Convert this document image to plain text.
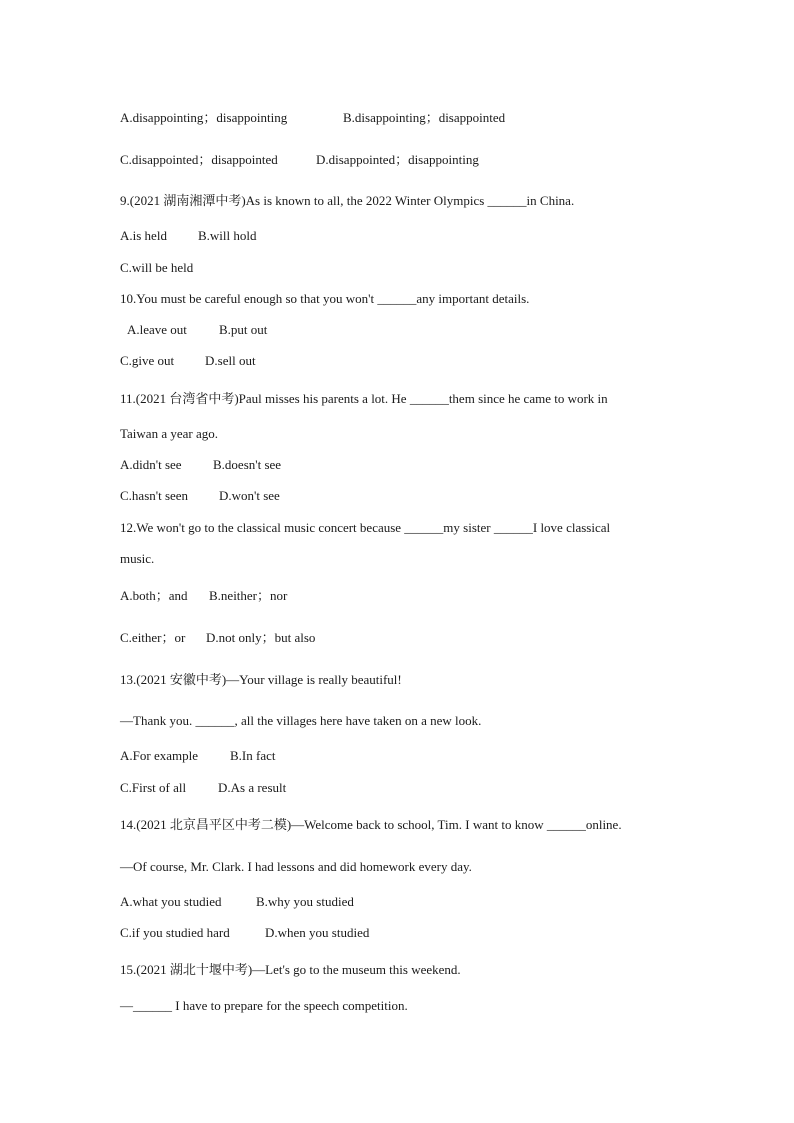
A.disappointing；disappointing	B.disappointing；disappointed
C.disappointed；disappointed	D.disappointed；disappointing
9.(2021 湖南湘潭中考)As is known to all, the 2022 Winter Olympics ______in China.
A.is held B.will hold
C.will be held
10.You must be careful enough so that you won't ______any important details.
A.leave out B.put out
C.give out D.sell out
11.(2021 台湾省中考)Paul misses his parents a lot. He ______them since he came to work in
Taiwan a year ago.
A.didn't see B.doesn't see
C.hasn't seen D.won't see
12.We won't go to the classical music concert because ______my sister ______I love classical
music.
A.both；and B.neither；nor
C.either；or D.not only；but also
13.(2021 安徽中考)—Your village is really beautiful!
—Thank you. ______, all the villages here have taken on a new look.
A.For example B.In fact
C.First of all D.As a result
14.(2021 北京昌平区中考二模)—Welcome back to school, Tim. I want to know ______online.
—Of course, Mr. Clark. I had lessons and did homework every day.
A.what you studied	B.why you studied
C.if you studied hard	D.when you studied
15.(2021 湖北十堰中考)—Let's go to the museum this weekend.
—______ I have to prepare for the speech competition.
